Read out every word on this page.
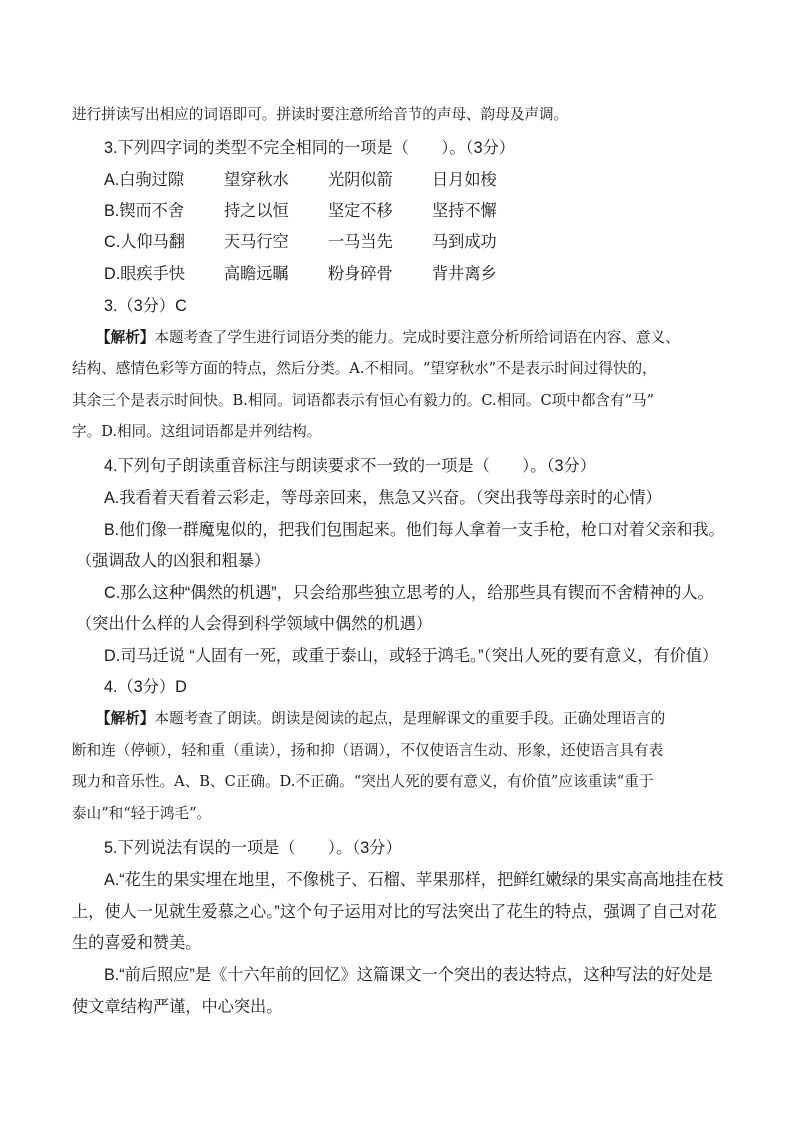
进行拼读写出相应的词语即可。拼读时要注意所给音节的声母、韵母及声调。
3.下列四字词的类型不完全相同的一项是（　　）。（3分）
A.白驹过隙 望穿秋水 光阴似箭 日月如梭
B.锲而不舍 持之以恒 坚定不移 坚持不懈
C.人仰马翻 天马行空 一马当先 马到成功
D.眼疾手快 高瞻远瞩 粉身碎骨 背井离乡
3.（3分）C
【解析】本题考查了学生进行词语分类的能力。完成时要注意分析所给词语在内容、意义、
结构、感情色彩等方面的特点，然后分类。A.不相同。“望穿秋水”不是表示时间过得快的，
其余三个是表示时间快。B.相同。词语都表示有恒心有毅力的。C.相同。C项中都含有“马”
字。D.相同。这组词语都是并列结构。
4.下列句子朗读重音标注与朗读要求不一致的一项是（　　）。（3分）
A.我看着天看着云彩走，等母亲回来，焦急又兴奋。（突出我等母亲时的心情）
B.他们像一群魔鬼似的，把我们包围起来。他们每人拿着一支手枪，枪口对着父亲和我。
（强调敌人的凶狠和粗暴）
C.那么这种“偶然的机遇”，只会给那些独立思考的人，给那些具有锲而不舍精神的人。
（突出什么样的人会得到科学领域中偶然的机遇）
D.司马迁说 “人固有一死，或重于泰山，或轻于鸿毛。”（突出人死的要有意义，有价值）
4.（3分）D
【解析】本题考查了朗读。朗读是阅读的起点，是理解课文的重要手段。正确处理语言的
断和连（停顿），轻和重（重读），扬和抑（语调），不仅使语言生动、形象，还使语言具有表
现力和音乐性。A、B、C正确。D.不正确。“突出人死的要有意义，有价值”应该重读“重于
泰山”和“轻于鸿毛”。
5.下列说法有误的一项是（　　）。（3分）
A.“花生的果实埋在地里，不像桃子、石榴、苹果那样，把鲜红嫩绿的果实高高地挂在枝
上，使人一见就生爱慕之心。”这个句子运用对比的写法突出了花生的特点，强调了自己对花
生的喜爱和赞美。
B.“前后照应”是《十六年前的回忆》这篇课文一个突出的表达特点，这种写法的好处是
使文章结构严谨，中心突出。
